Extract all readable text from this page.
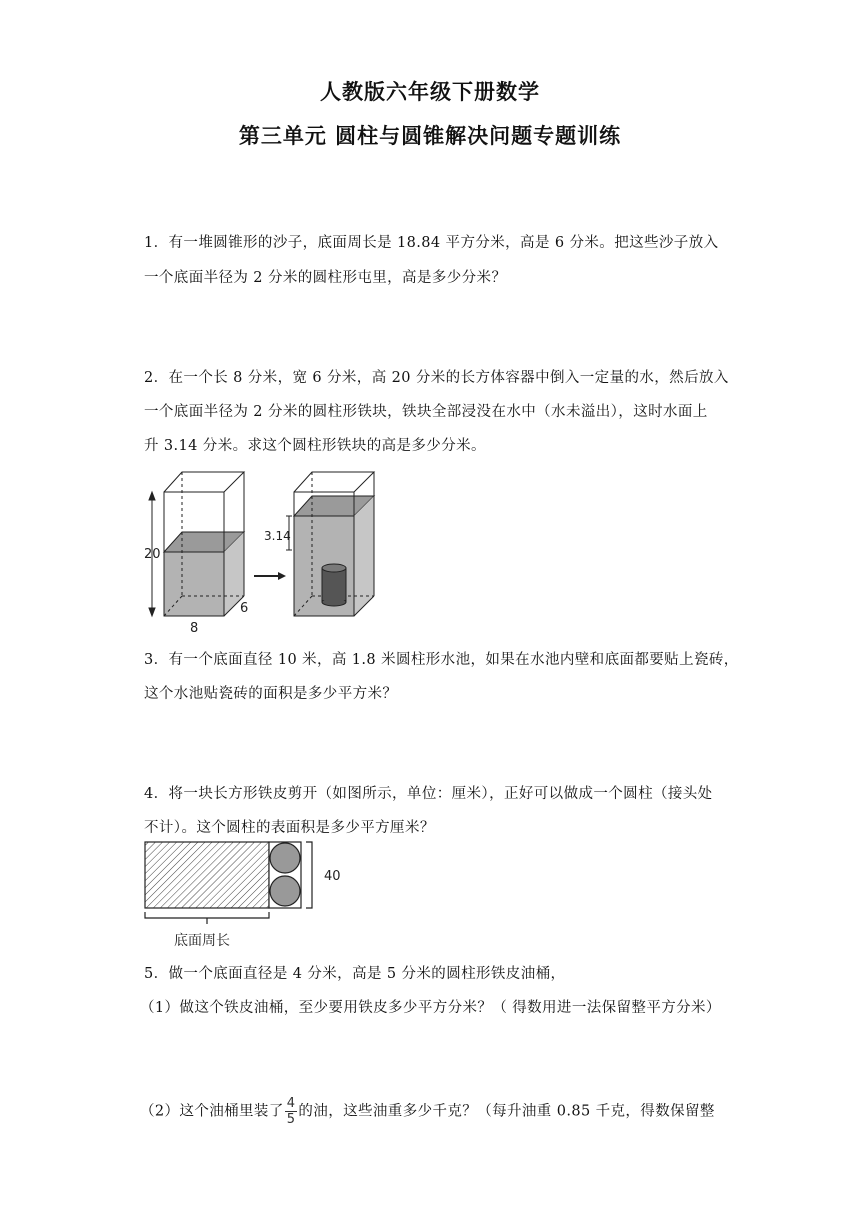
人教版六年级下册数学
第三单元 圆柱与圆锥解决问题专题训练
1．有一堆圆锥形的沙子，底面周长是 18.84 平方分米，高是 6 分米。把这些沙子放入
一个底面半径为 2 分米的圆柱形屯里，高是多少分米？
2．在一个长 8 分米，宽 6 分米，高 20 分米的长方体容器中倒入一定量的水，然后放入
一个底面半径为 2 分米的圆柱形铁块，铁块全部浸没在水中（水未溢出），这时水面上
升 3.14 分米。求这个圆柱形铁块的高是多少分米。
20
8
6
3.14
3．有一个底面直径 10 米，高 1.8 米圆柱形水池，如果在水池内壁和底面都要贴上瓷砖，
这个水池贴瓷砖的面积是多少平方米？
4．将一块长方形铁皮剪开（如图所示，单位：厘米），正好可以做成一个圆柱（接头处
不计）。这个圆柱的表面积是多少平方厘米？
40
底面周长
5．做一个底面直径是 4 分米，高是 5 分米的圆柱形铁皮油桶，
（1）做这个铁皮油桶，至少要用铁皮多少平方分米？（ 得数用进一法保留整平方分米）
（2）这个油桶里装了 $\frac{4}{5}$ 的油，这些油重多少千克？（每升油重 0.85 千克，得数保留整
